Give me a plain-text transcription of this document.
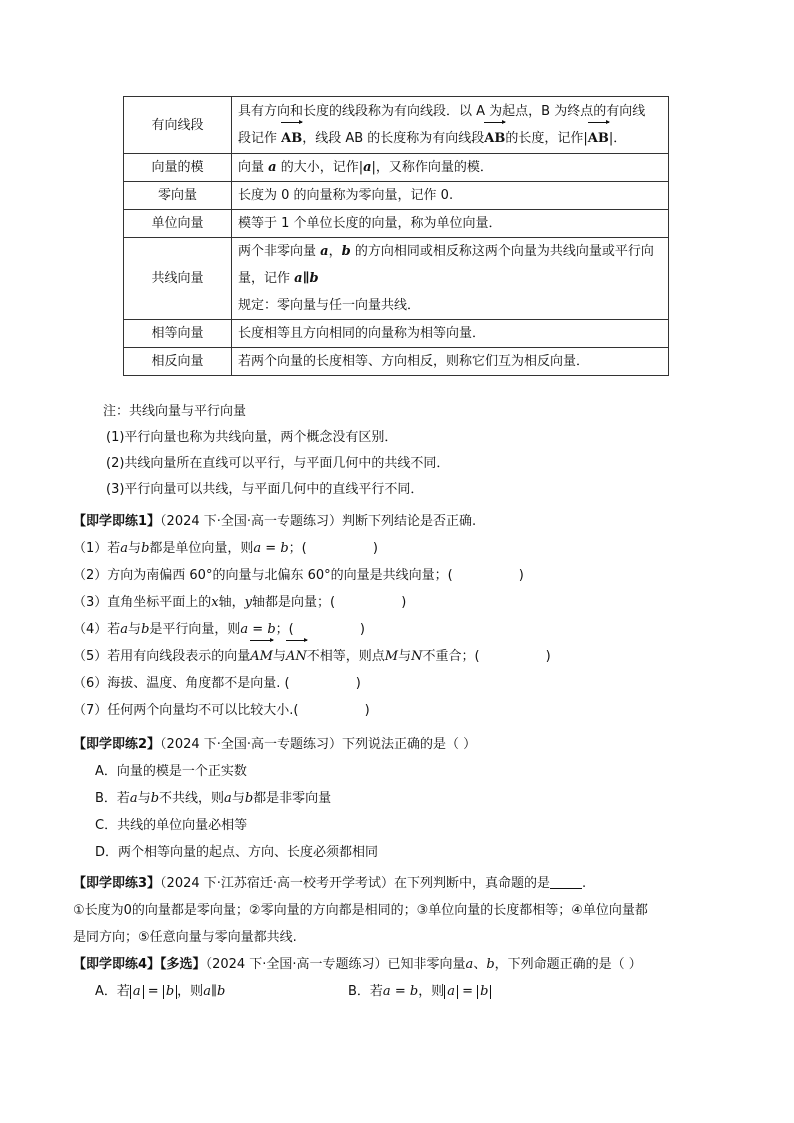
有向线段	具有方向和长度的线段称为有向线段．以 A 为起点，B 为终点的有向线
段记作
AB，线段 AB 的长度称为有向线段
AB的长度，记作|
AB|．

向量的模	向量 a 的大小，记作|a|，又称作向量的模．
零向量	长度为 0 的向量称为零向量，记作 0.
单位向量	模等于 1 个单位长度的向量，称为单位向量．
共线向量	两个非零向量 a，b 的方向相同或相反称这两个向量为共线向量或平行向
量，记作 a∥b
规定：零向量与任一向量共线．

相等向量	长度相等且方向相同的向量称为相等向量．
相反向量	若两个向量的长度相等、方向相反，则称它们互为相反向量．
注：共线向量与平行向量
(1)平行向量也称为共线向量，两个概念没有区别．
(2)共线向量所在直线可以平行，与平面几何中的共线不同．
(3)平行向量可以共线，与平面几何中的直线平行不同．
【即学即练1】（2024 下·全国·高一专题练习）判断下列结论是否正确.
（1）若a与b都是单位向量，则a = b；(                )
（2）方向为南偏西 60°的向量与北偏东 60°的向量是共线向量；(                )
（3）直角坐标平面上的x轴，y轴都是向量；(                )
（4）若a与b是平行向量，则a = b；(                )
（5）若用有向线段表示的向量
AM与
AN不相等，则点M与N不重合；(                )
（6）海拔、温度、角度都不是向量. (                )
（7）任何两个向量均不可以比较大小.(                )
【即学即练2】（2024 下·全国·高一专题练习）下列说法正确的是（ ）
A．向量的模是一个正实数
B．若a与b不共线，则a与b都是非零向量
C．共线的单位向量必相等
D．两个相等向量的起点、方向、长度必须都相同
【即学即练3】（2024 下·江苏宿迁·高一校考开学考试）在下列判断中，真命题的是 .
①长度为0的向量都是零向量；②零向量的方向都是相同的；③单位向量的长度都相等；④单位向量都
是同方向；⑤任意向量与零向量都共线.
【即学即练4】【多选】（2024 下·全国·高一专题练习）已知非零向量a、b，下列命题正确的是（ ）
A．若 a = b ，则a∥b	B．若a = b，则 a = b
